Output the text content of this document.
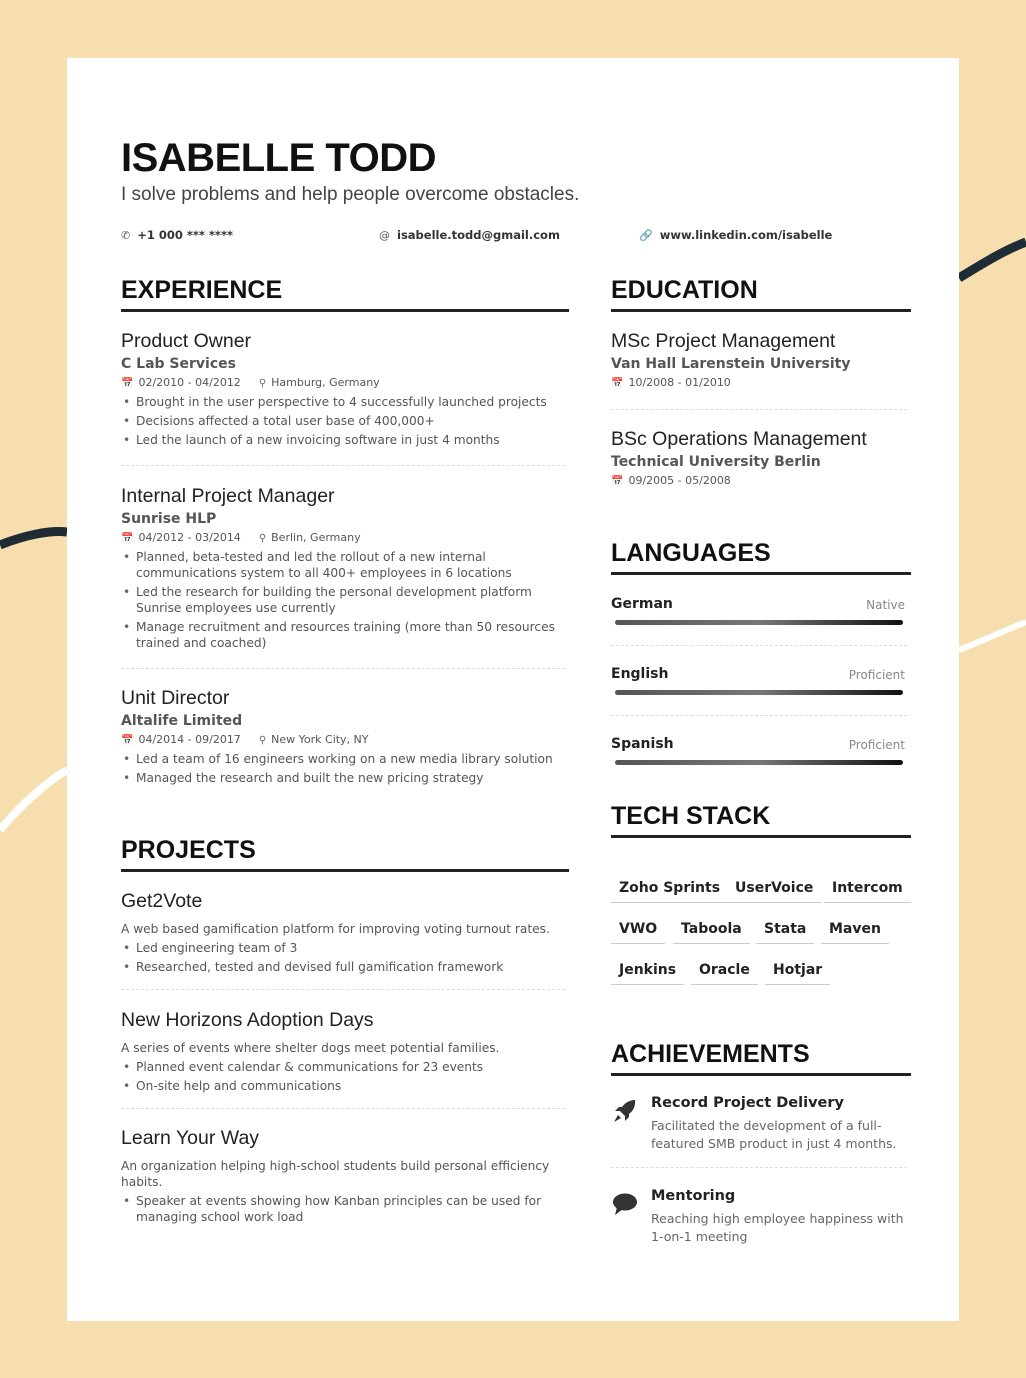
ISABELLE TODD
I solve problems and help people overcome obstacles.
✆ +1 000 *** ****	@ isabelle.todd@gmail.com	🔗 www.linkedin.com/isabelle
EXPERIENCE
Product Owner
C Lab Services
📅 02/2010 - 04/2012 ⚲ Hamburg, Germany
• Brought in the user perspective to 4 successfully launched projects
• Decisions affected a total user base of 400,000+
• Led the launch of a new invoicing software in just 4 months
Internal Project Manager
Sunrise HLP
📅 04/2012 - 03/2014 ⚲ Berlin, Germany
• Planned, beta-tested and led the rollout of a new internal communications system to all 400+ employees in 6 locations
• Led the research for building the personal development platform Sunrise employees use currently
• Manage recruitment and resources training (more than 50 resources trained and coached)
Unit Director
Altalife Limited
📅 04/2014 - 09/2017 ⚲ New York City, NY
• Led a team of 16 engineers working on a new media library solution
• Managed the research and built the new pricing strategy
PROJECTS
Get2Vote
A web based gamification platform for improving voting turnout rates.
• Led engineering team of 3
• Researched, tested and devised full gamification framework
New Horizons Adoption Days
A series of events where shelter dogs meet potential families.
• Planned event calendar & communications for 23 events
• On-site help and communications
Learn Your Way
An organization helping high-school students build personal efficiency habits.
• Speaker at events showing how Kanban principles can be used for managing school work load
EDUCATION
MSc Project Management
Van Hall Larenstein University
📅 10/2008 - 01/2010
BSc Operations Management
Technical University Berlin
📅 09/2005 - 05/2008
LANGUAGES
German	Native
English	Proficient
Spanish	Proficient
TECH STACK
Zoho Sprints	UserVoice	Intercom
VWO	Taboola	Stata	Maven
Jenkins	Oracle	Hotjar
ACHIEVEMENTS
Record Project Delivery
Facilitated the development of a full-featured SMB product in just 4 months.
Mentoring
Reaching high employee happiness with 1-on-1 meeting
